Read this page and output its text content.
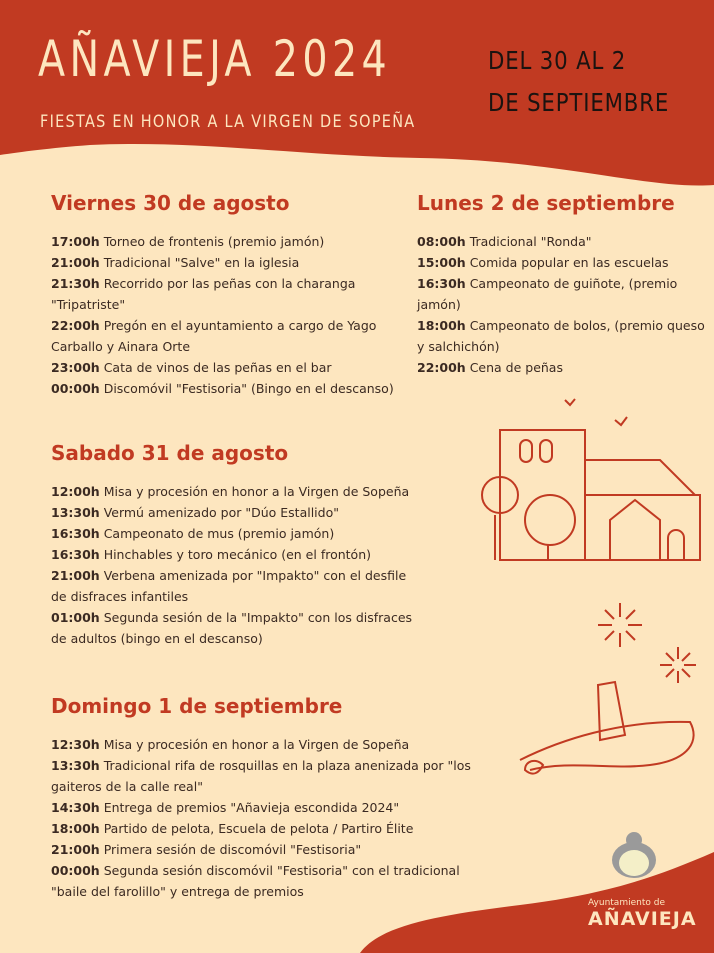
AÑAVIEJA 2024
FIESTAS EN HONOR A LA VIRGEN DE SOPEÑA
DEL 30 AL 2
DE SEPTIEMBRE
Viernes 30 de agosto
17:00h Torneo de frontenis (premio jamón)
21:00h Tradicional "Salve" en la iglesia
21:30h Recorrido por las peñas con la charanga "Tripatriste"
22:00h Pregón en el ayuntamiento a cargo de Yago Carballo y Ainara Orte
23:00h Cata de vinos de las peñas en el bar
00:00h Discomóvil "Festisoria" (Bingo en el descanso)
Sabado 31 de agosto
12:00h Misa y procesión en honor a la Virgen de Sopeña
13:30h Vermú amenizado por "Dúo Estallido"
16:30h Campeonato de mus (premio jamón)
16:30h Hinchables y toro mecánico (en el frontón)
21:00h Verbena amenizada por "Impakto" con el desfile de disfraces infantiles
01:00h Segunda sesión de la "Impakto" con los disfraces de adultos (bingo en el descanso)
Domingo 1 de septiembre
12:30h Misa y procesión en honor a la Virgen de Sopeña
13:30h Tradicional rifa de rosquillas en la plaza anenizada por "los gaiteros de la calle real"
14:30h Entrega de premios "Añavieja escondida 2024"
18:00h Partido de pelota, Escuela de pelota / Partiro Élite
21:00h Primera sesión de discomóvil "Festisoria"
00:00h Segunda sesión discomóvil "Festisoria" con el tradicional "baile del farolillo" y entrega de premios
Lunes 2 de septiembre
08:00h Tradicional "Ronda"
15:00h Comida popular en las escuelas
16:30h Campeonato de guiñote, (premio jamón)
18:00h Campeonato de bolos, (premio queso y salchichón)
22:00h Cena de peñas
Ayuntamiento de
AÑAVIEJA
